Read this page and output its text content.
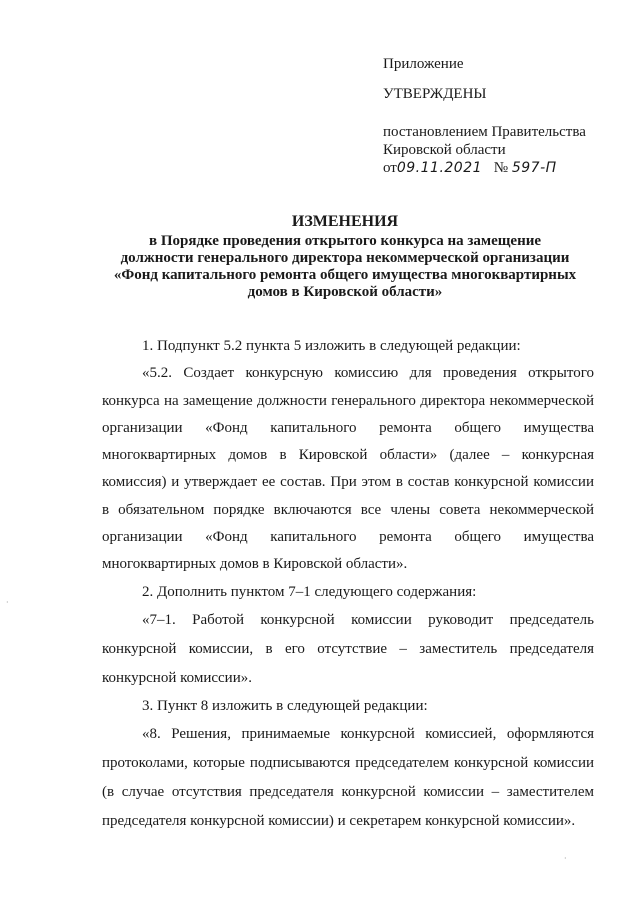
Приложение
УТВЕРЖДЕНЫ
постановлением Правительства
Кировской области
от09.11.2021 № 597-П
ИЗМЕНЕНИЯ
в Порядке проведения открытого конкурса на замещение
должности генерального директора некоммерческой организации
«Фонд капитального ремонта общего имущества многоквартирных
домов в Кировской области»

1. Подпункт 5.2 пункта 5 изложить в следующей редакции:

«5.2. Создает конкурсную комиссию для проведения открытого конкурса на замещение должности генерального директора некоммерческой организации «Фонд капитального ремонта общего имущества многоквартирных домов в Кировской области» (далее – конкурсная комиссия) и утверждает ее состав. При этом в состав конкурсной комиссии в обязательном порядке включаются все члены совета некоммерческой организации «Фонд капитального ремонта общего имущества многоквартирных домов в Кировской области».

2. Дополнить пунктом 7–1 следующего содержания:

«7–1. Работой конкурсной комиссии руководит председатель конкурсной комиссии, в его отсутствие – заместитель председателя конкурсной комиссии».

3. Пункт 8 изложить в следующей редакции:

«8. Решения, принимаемые конкурсной комиссией, оформляются протоколами, которые подписываются председателем конкурсной комиссии (в случае отсутствия председателя конкурсной комиссии – заместителем председателя конкурсной комиссии) и секретарем конкурсной комиссии».

·
·
